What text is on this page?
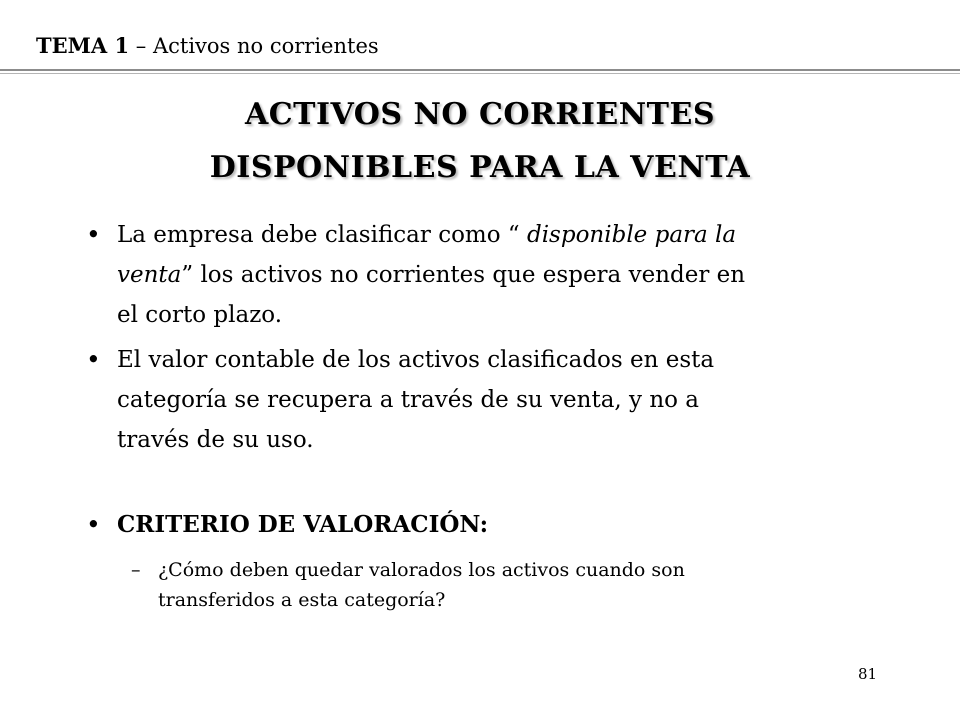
TEMA 1 – Activos no corrientes
ACTIVOS NO CORRIENTES
DISPONIBLES PARA LA VENTA
• La empresa debe clasificar como “ disponible para la
venta” los activos no corrientes que espera vender en
el corto plazo.
• El valor contable de los activos clasificados en esta
categoría se recupera a través de su venta, y no a
través de su uso.
• CRITERIO DE VALORACIÓN:
– ¿Cómo deben quedar valorados los activos cuando son
transferidos a esta categoría?
81
